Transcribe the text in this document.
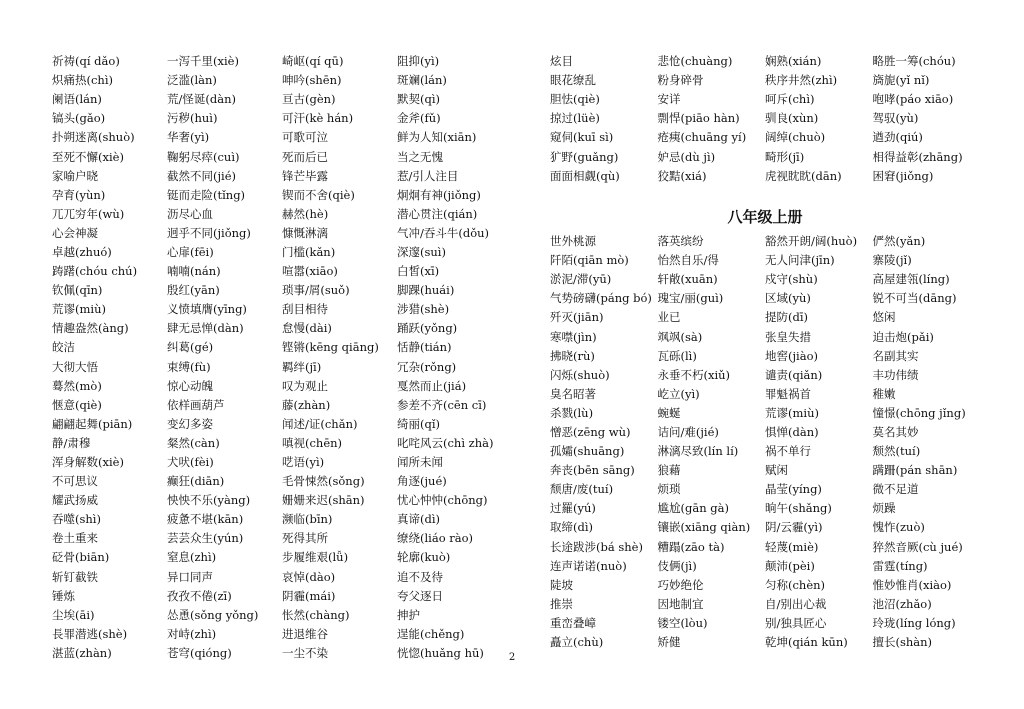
祈祷(qí dǎo)	一泻千里(xiè)	崎岖(qí qū)	阻抑(yì)
炽痛热(chì)	泛滥(làn)	呻吟(shēn)	斑斓(lán)
阑语(lán)	荒/怪诞(dàn)	亘古(gèn)	默契(qì)
镐头(gǎo)	污秽(huì)	可汗(kè hán)	金斧(fǔ)
扑朔迷离(shuò)	华奢(yì)	可歌可泣	鲜为人知(xiān)
至死不懈(xiè)	鞠躬尽瘁(cuì)	死而后已	当之无愧
家喻户晓	截然不同(jié)	锋芒毕露	惹/引人注目
孕育(yùn)	铤而走险(tǐng)	锲而不舍(qiè)	炯炯有神(jiǒng)
兀兀穷年(wù)	沥尽心血	赫然(hè)	潜心贯注(qián)
心会神凝	迥乎不同(jiǒng)	慷慨淋漓	气冲/吞斗牛(dǒu)
卓越(zhuó)	心扉(fēi)	门槛(kǎn)	深邃(suì)
踌躇(chóu chú)	喃喃(nán)	喧嚣(xiāo)	白皙(xī)
钦佩(qīn)	殷红(yān)	琐事/屑(suǒ)	脚踝(huái)
荒谬(miù)	义愤填膺(yīng)	刮目相待	涉猎(shè)
情趣盎然(àng)	肆无忌惮(dàn)	怠慢(dài)	踊跃(yǒng)
皎洁	纠葛(gé)	铿锵(kēng qiāng)	恬静(tián)
大彻大悟	束缚(fù)	羁绊(jī)	冗杂(rǒng)
蓦然(mò)	惊心动魄	叹为观止	戛然而止(jiá)
惬意(qiè)	依样画葫芦	藤(zhàn)	参差不齐(cēn cī)
翩翩起舞(piān)	变幻多姿	闻述/证(chǎn)	绮丽(qǐ)
静/肃穆	粲然(càn)	嗔视(chēn)	叱咤风云(chì zhà)
浑身解数(xiè)	犬吠(fèi)	呓语(yì)	闻所未闻
不可思议	癫狂(diān)	毛骨悚然(sǒng)	角逐(jué)
耀武扬威	怏怏不乐(yàng)	姗姗来迟(shān)	忧心忡忡(chōng)
吞噬(shì)	疲惫不堪(kān)	濒临(bīn)	真谛(dì)
卷土重来	芸芸众生(yún)	死得其所	缭绕(liáo rào)
砭骨(biān)	窒息(zhì)	步履维艰(lǚ)	轮廓(kuò)
斩钉截铁	异口同声	哀悼(dào)	追不及待
锤炼	孜孜不倦(zī)	阴霾(mái)	夸父逐日
尘埃(āi)	怂恿(sǒng yǒng)	怅然(chàng)	抻护
長罪潜逃(shè)	对峙(zhì)	进退维谷	逞能(chěng)
湛蓝(zhàn)	苍穹(qióng)	一尘不染	恍惚(huǎng hū)
炫目	悲怆(chuàng)	娴熟(xián)	略胜一筹(chóu)
眼花缭乱	粉身碎骨	秩序井然(zhì)	旖旎(yǐ nǐ)
胆怯(qiè)	安详	呵斥(chì)	咆哮(páo xiāo)
掠过(lüè)	剽悍(piāo hàn)	驯良(xùn)	驾驭(yù)
窥伺(kuī sì)	疮痍(chuāng yí)	阔绰(chuò)	遒劲(qiú)
犷野(guǎng)	妒忌(dù jì)	畸形(jī)	相得益彰(zhāng)
面面相觑(qù)	狡黠(xiá)	虎视眈眈(dān)	困窘(jiǒng)
八年级上册
世外桃源	落英缤纷	豁然开朗/阔(huò)	俨然(yǎn)
阡陌(qiān mò)	怡然自乐/得	无人问津(jīn)	寨陵(jǐ)
淤泥/滞(yū)	轩敞(xuān)	戍守(shù)	高屋建瓴(líng)
气势磅礴(páng bó) 瑰宝/丽(guì)	区域(yù)	锐不可当(dāng)
歼灭(jiān)	业已	提防(dī)	悠闲
寒噤(jìn)	飒飒(sà)	张皇失措	迫击炮(pǎi)
拂晓(rù)	瓦砾(lì)	地窖(jiào)	名副其实
闪烁(shuò)	永垂不朽(xiǔ)	谴责(qiǎn)	丰功伟绩
臭名昭著	屹立(yì)	罪魁祸首	稚嫩
杀戮(lù)	蜿蜒	荒谬(miù)	憧憬(chōng jǐng)
憎恶(zēng wù)	诘问/难(jié)	惧惮(dàn)	莫名其妙
孤孀(shuāng)	淋漓尽致(lín lí)	祸不单行	颓然(tuí)
奔丧(bēn sāng)	狼藉	赋闲	蹒跚(pán shān)
颓唐/废(tuí)	烦琐	晶莹(yíng)	微不足道
过羅(yú)	尴尬(gān gà)	晌午(shǎng)	烦躁
取缔(dì)	镶嵌(xiāng qiàn)	阴/云霾(yì)	愧怍(zuò)
长途跋涉(bá shè)	糟蹋(zāo tà)	轻蔑(miè)	猝然音厥(cù jué)
连声诺诺(nuò)	伎俩(jì)	颠沛(pèi)	雷霆(tíng)
陡坡	巧妙绝伦	匀称(chèn)	惟妙惟肖(xiào)
推崇	因地制宜	自/别出心裁	池沼(zhǎo)
重峦叠嶂	镂空(lòu)	别/独具匠心	玲珑(líng lóng)
矗立(chù)	矫健	乾坤(qián kūn)	擅长(shàn)
2
